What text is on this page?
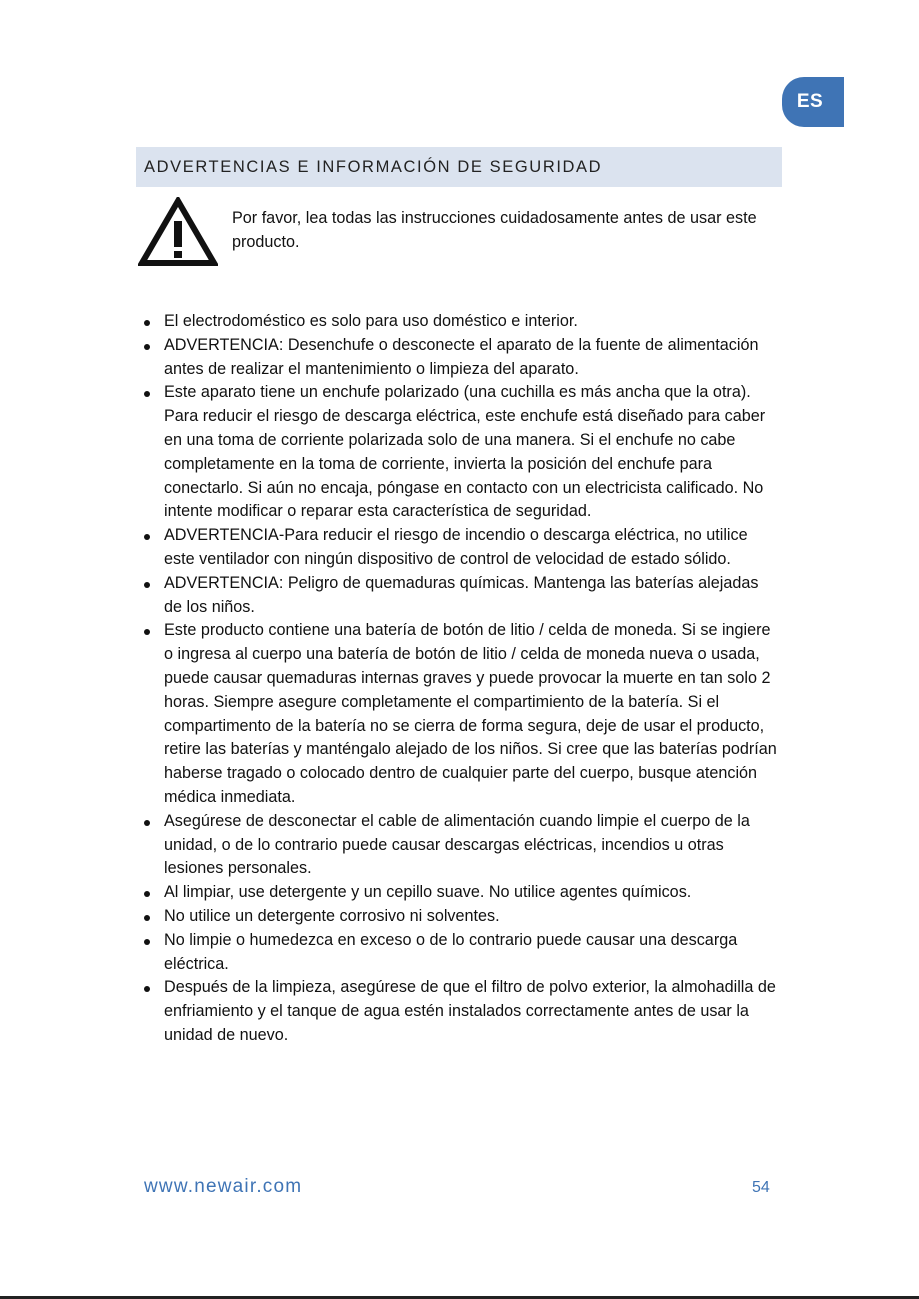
ES
ADVERTENCIAS E INFORMACIÓN DE SEGURIDAD
Por favor, lea todas las instrucciones cuidadosamente antes de usar este producto.
El electrodoméstico es solo para uso doméstico e interior.
ADVERTENCIA: Desenchufe o desconecte el aparato de la fuente de alimentación antes de realizar el mantenimiento o limpieza del aparato.
Este aparato tiene un enchufe polarizado (una cuchilla es más ancha que la otra). Para reducir el riesgo de descarga eléctrica, este enchufe está diseñado para caber en una toma de corriente polarizada solo de una manera. Si el enchufe no cabe completamente en la toma de corriente, invierta la posición del enchufe para conectarlo. Si aún no encaja, póngase en contacto con un electricista calificado. No intente modificar o reparar esta característica de seguridad.
ADVERTENCIA-Para reducir el riesgo de incendio o descarga eléctrica, no utilice este ventilador con ningún dispositivo de control de velocidad de estado sólido.
ADVERTENCIA: Peligro de quemaduras químicas. Mantenga las baterías alejadas de los niños.
Este producto contiene una batería de botón de litio / celda de moneda. Si se ingiere o ingresa al cuerpo una batería de botón de litio / celda de moneda nueva o usada, puede causar quemaduras internas graves y puede provocar la muerte en tan solo 2 horas. Siempre asegure completamente el compartimiento de la batería. Si el compartimento de la batería no se cierra de forma segura, deje de usar el producto, retire las baterías y manténgalo alejado de los niños. Si cree que las baterías podrían haberse tragado o colocado dentro de cualquier parte del cuerpo, busque atención médica inmediata.
Asegúrese de desconectar el cable de alimentación cuando limpie el cuerpo de la unidad, o de lo contrario puede causar descargas eléctricas, incendios u otras lesiones personales.
Al limpiar, use detergente y un cepillo suave. No utilice agentes químicos.
No utilice un detergente corrosivo ni solventes.
No limpie o humedezca en exceso o de lo contrario puede causar una descarga eléctrica.
Después de la limpieza, asegúrese de que el filtro de polvo exterior, la almohadilla de enfriamiento y el tanque de agua estén instalados correctamente antes de usar la unidad de nuevo.
www.newair.com	54
